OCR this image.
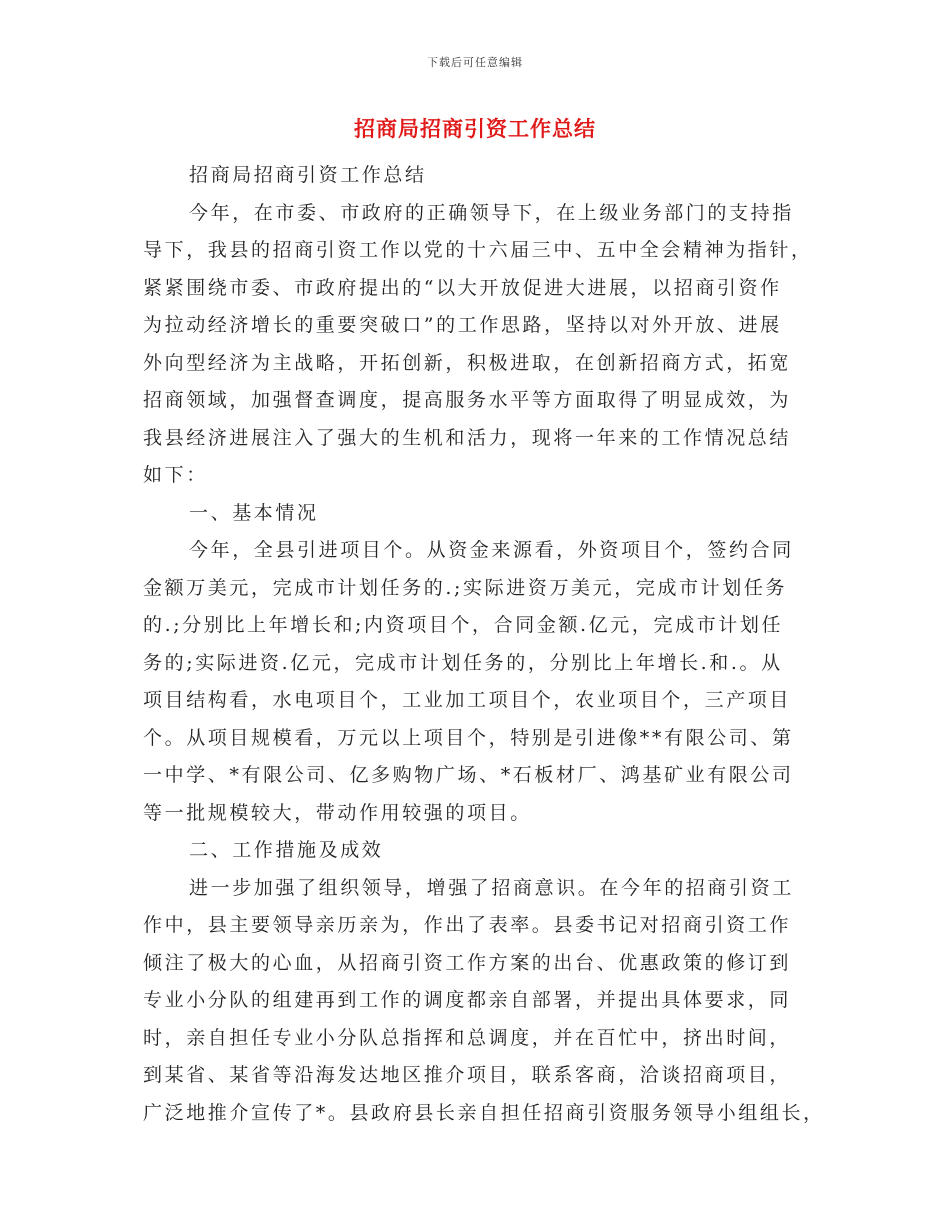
下载后可任意编辑
招商局招商引资工作总结
招商局招商引资工作总结
今年，在市委、市政府的正确领导下，在上级业务部门的支持指
导下，我县的招商引资工作以党的十六届三中、五中全会精神为指针，
紧紧围绕市委、市政府提出的“以大开放促进大进展，以招商引资作
为拉动经济增长的重要突破口”的工作思路，坚持以对外开放、进展
外向型经济为主战略，开拓创新，积极进取，在创新招商方式，拓宽
招商领域，加强督查调度，提高服务水平等方面取得了明显成效，为
我县经济进展注入了强大的生机和活力，现将一年来的工作情况总结
如下：
一、基本情况
今年，全县引进项目个。从资金来源看，外资项目个，签约合同
金额万美元，完成市计划任务的.;实际进资万美元，完成市计划任务
的.;分别比上年增长和;内资项目个，合同金额.亿元，完成市计划任
务的;实际进资.亿元，完成市计划任务的，分别比上年增长.和.。从
项目结构看，水电项目个，工业加工项目个，农业项目个，三产项目
个。从项目规模看，万元以上项目个，特别是引进像**有限公司、第
一中学、*有限公司、亿多购物广场、*石板材厂、鸿基矿业有限公司
等一批规模较大，带动作用较强的项目。
二、工作措施及成效
进一步加强了组织领导，增强了招商意识。在今年的招商引资工
作中，县主要领导亲历亲为，作出了表率。县委书记对招商引资工作
倾注了极大的心血，从招商引资工作方案的出台、优惠政策的修订到
专业小分队的组建再到工作的调度都亲自部署，并提出具体要求，同
时，亲自担任专业小分队总指挥和总调度，并在百忙中，挤出时间，
到某省、某省等沿海发达地区推介项目，联系客商，洽谈招商项目，
广泛地推介宣传了*。县政府县长亲自担任招商引资服务领导小组组长，
